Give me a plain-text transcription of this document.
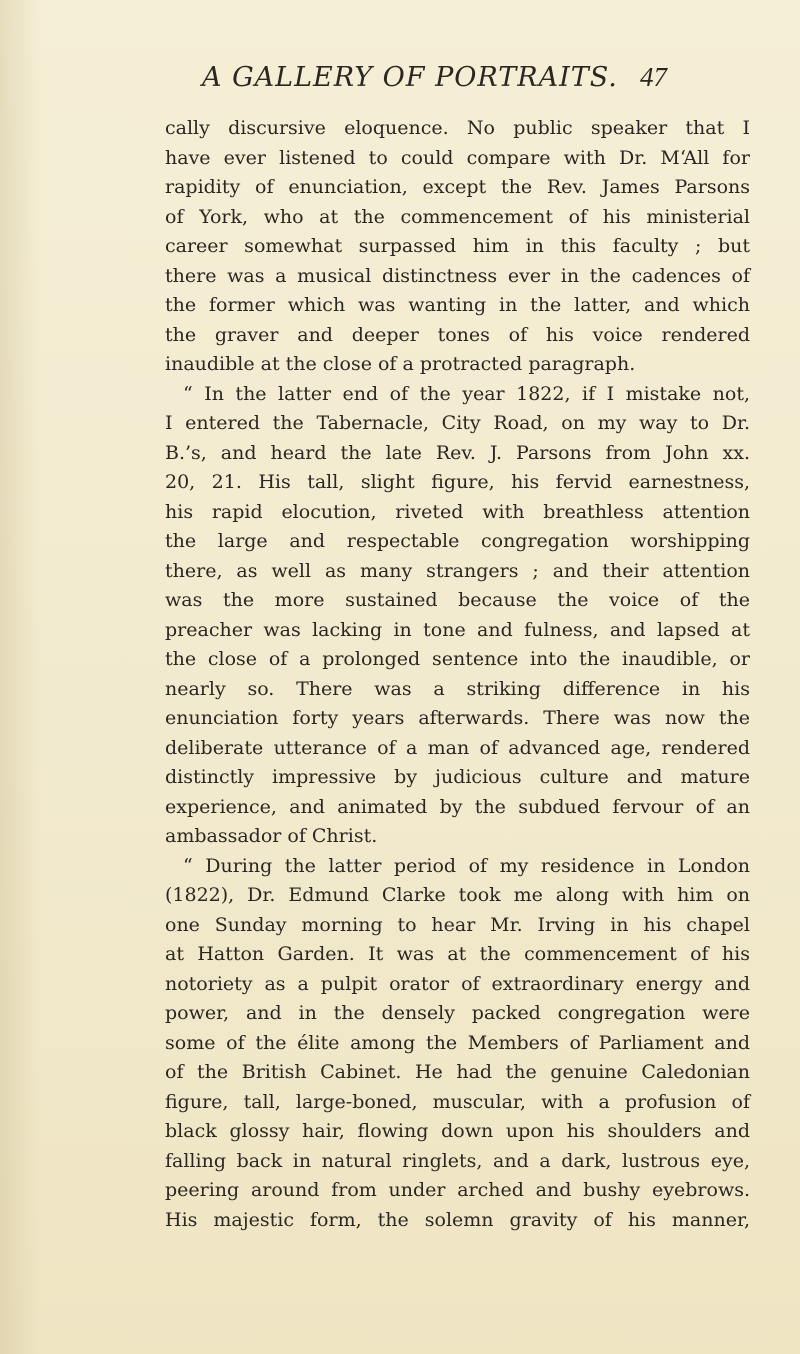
A GALLERY OF PORTRAITS. 47
cally discursive eloquence. No public speaker that I
have ever listened to could compare with Dr. M‘All for
rapidity of enunciation, except the Rev. James Parsons
of York, who at the commencement of his ministerial
career somewhat surpassed him in this faculty ; but
there was a musical distinctness ever in the cadences of
the former which was wanting in the latter, and which
the graver and deeper tones of his voice rendered
inaudible at the close of a protracted paragraph.
“ In the latter end of the year 1822, if I mistake not,
I entered the Tabernacle, City Road, on my way to Dr.
B.’s, and heard the late Rev. J. Parsons from John xx.
20, 21. His tall, slight figure, his fervid earnestness,
his rapid elocution, riveted with breathless attention
the large and respectable congregation worshipping
there, as well as many strangers ; and their attention
was the more sustained because the voice of the
preacher was lacking in tone and fulness, and lapsed at
the close of a prolonged sentence into the inaudible, or
nearly so. There was a striking difference in his
enunciation forty years afterwards. There was now the
deliberate utterance of a man of advanced age, rendered
distinctly impressive by judicious culture and mature
experience, and animated by the subdued fervour of an
ambassador of Christ.
“ During the latter period of my residence in London
(1822), Dr. Edmund Clarke took me along with him on
one Sunday morning to hear Mr. Irving in his chapel
at Hatton Garden. It was at the commencement of his
notoriety as a pulpit orator of extraordinary energy and
power, and in the densely packed congregation were
some of the élite among the Members of Parliament and
of the British Cabinet. He had the genuine Caledonian
figure, tall, large-boned, muscular, with a profusion of
black glossy hair, flowing down upon his shoulders and
falling back in natural ringlets, and a dark, lustrous eye,
peering around from under arched and bushy eyebrows.
His majestic form, the solemn gravity of his manner,
